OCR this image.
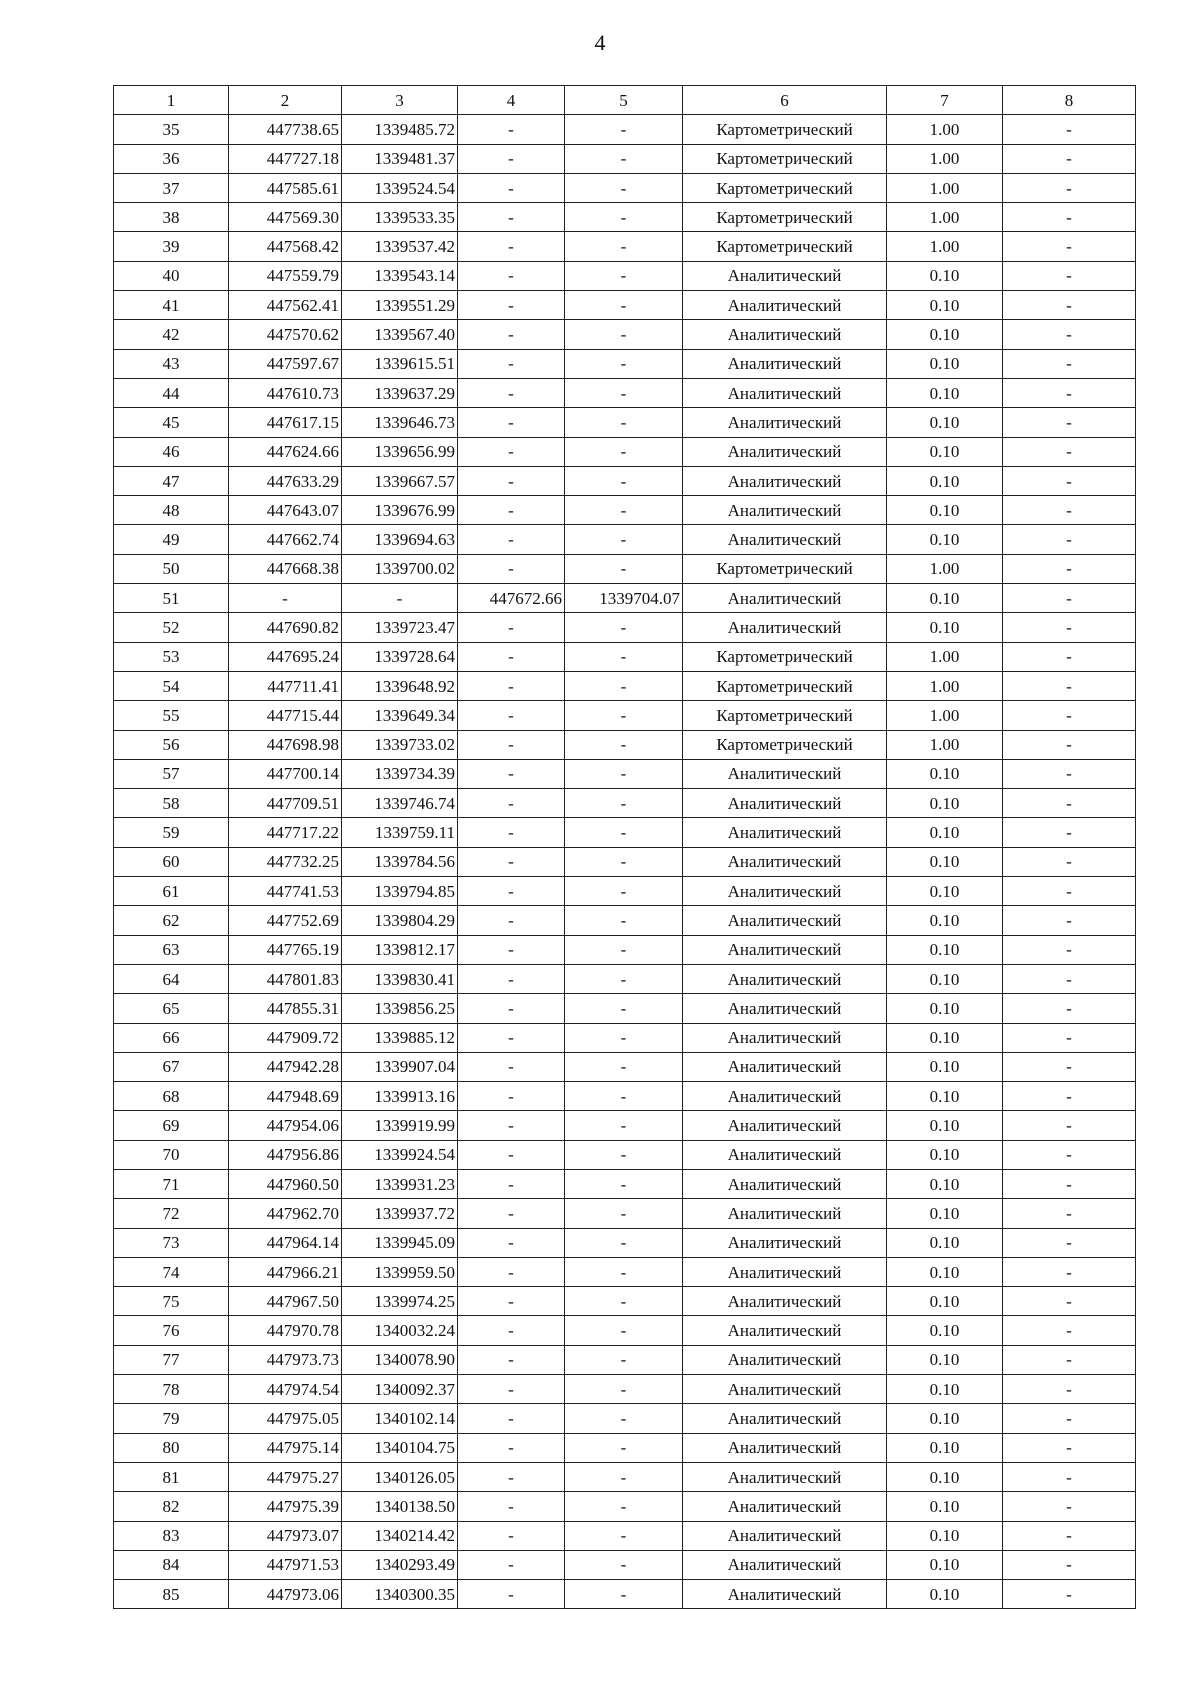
4
1	2	3	4	5	6	7	8
35	447738.65	1339485.72	-	-	Картометрический	1.00	-
36	447727.18	1339481.37	-	-	Картометрический	1.00	-
37	447585.61	1339524.54	-	-	Картометрический	1.00	-
38	447569.30	1339533.35	-	-	Картометрический	1.00	-
39	447568.42	1339537.42	-	-	Картометрический	1.00	-
40	447559.79	1339543.14	-	-	Аналитический	0.10	-
41	447562.41	1339551.29	-	-	Аналитический	0.10	-
42	447570.62	1339567.40	-	-	Аналитический	0.10	-
43	447597.67	1339615.51	-	-	Аналитический	0.10	-
44	447610.73	1339637.29	-	-	Аналитический	0.10	-
45	447617.15	1339646.73	-	-	Аналитический	0.10	-
46	447624.66	1339656.99	-	-	Аналитический	0.10	-
47	447633.29	1339667.57	-	-	Аналитический	0.10	-
48	447643.07	1339676.99	-	-	Аналитический	0.10	-
49	447662.74	1339694.63	-	-	Аналитический	0.10	-
50	447668.38	1339700.02	-	-	Картометрический	1.00	-
51	-	-	447672.66	1339704.07	Аналитический	0.10	-
52	447690.82	1339723.47	-	-	Аналитический	0.10	-
53	447695.24	1339728.64	-	-	Картометрический	1.00	-
54	447711.41	1339648.92	-	-	Картометрический	1.00	-
55	447715.44	1339649.34	-	-	Картометрический	1.00	-
56	447698.98	1339733.02	-	-	Картометрический	1.00	-
57	447700.14	1339734.39	-	-	Аналитический	0.10	-
58	447709.51	1339746.74	-	-	Аналитический	0.10	-
59	447717.22	1339759.11	-	-	Аналитический	0.10	-
60	447732.25	1339784.56	-	-	Аналитический	0.10	-
61	447741.53	1339794.85	-	-	Аналитический	0.10	-
62	447752.69	1339804.29	-	-	Аналитический	0.10	-
63	447765.19	1339812.17	-	-	Аналитический	0.10	-
64	447801.83	1339830.41	-	-	Аналитический	0.10	-
65	447855.31	1339856.25	-	-	Аналитический	0.10	-
66	447909.72	1339885.12	-	-	Аналитический	0.10	-
67	447942.28	1339907.04	-	-	Аналитический	0.10	-
68	447948.69	1339913.16	-	-	Аналитический	0.10	-
69	447954.06	1339919.99	-	-	Аналитический	0.10	-
70	447956.86	1339924.54	-	-	Аналитический	0.10	-
71	447960.50	1339931.23	-	-	Аналитический	0.10	-
72	447962.70	1339937.72	-	-	Аналитический	0.10	-
73	447964.14	1339945.09	-	-	Аналитический	0.10	-
74	447966.21	1339959.50	-	-	Аналитический	0.10	-
75	447967.50	1339974.25	-	-	Аналитический	0.10	-
76	447970.78	1340032.24	-	-	Аналитический	0.10	-
77	447973.73	1340078.90	-	-	Аналитический	0.10	-
78	447974.54	1340092.37	-	-	Аналитический	0.10	-
79	447975.05	1340102.14	-	-	Аналитический	0.10	-
80	447975.14	1340104.75	-	-	Аналитический	0.10	-
81	447975.27	1340126.05	-	-	Аналитический	0.10	-
82	447975.39	1340138.50	-	-	Аналитический	0.10	-
83	447973.07	1340214.42	-	-	Аналитический	0.10	-
84	447971.53	1340293.49	-	-	Аналитический	0.10	-
85	447973.06	1340300.35	-	-	Аналитический	0.10	-
